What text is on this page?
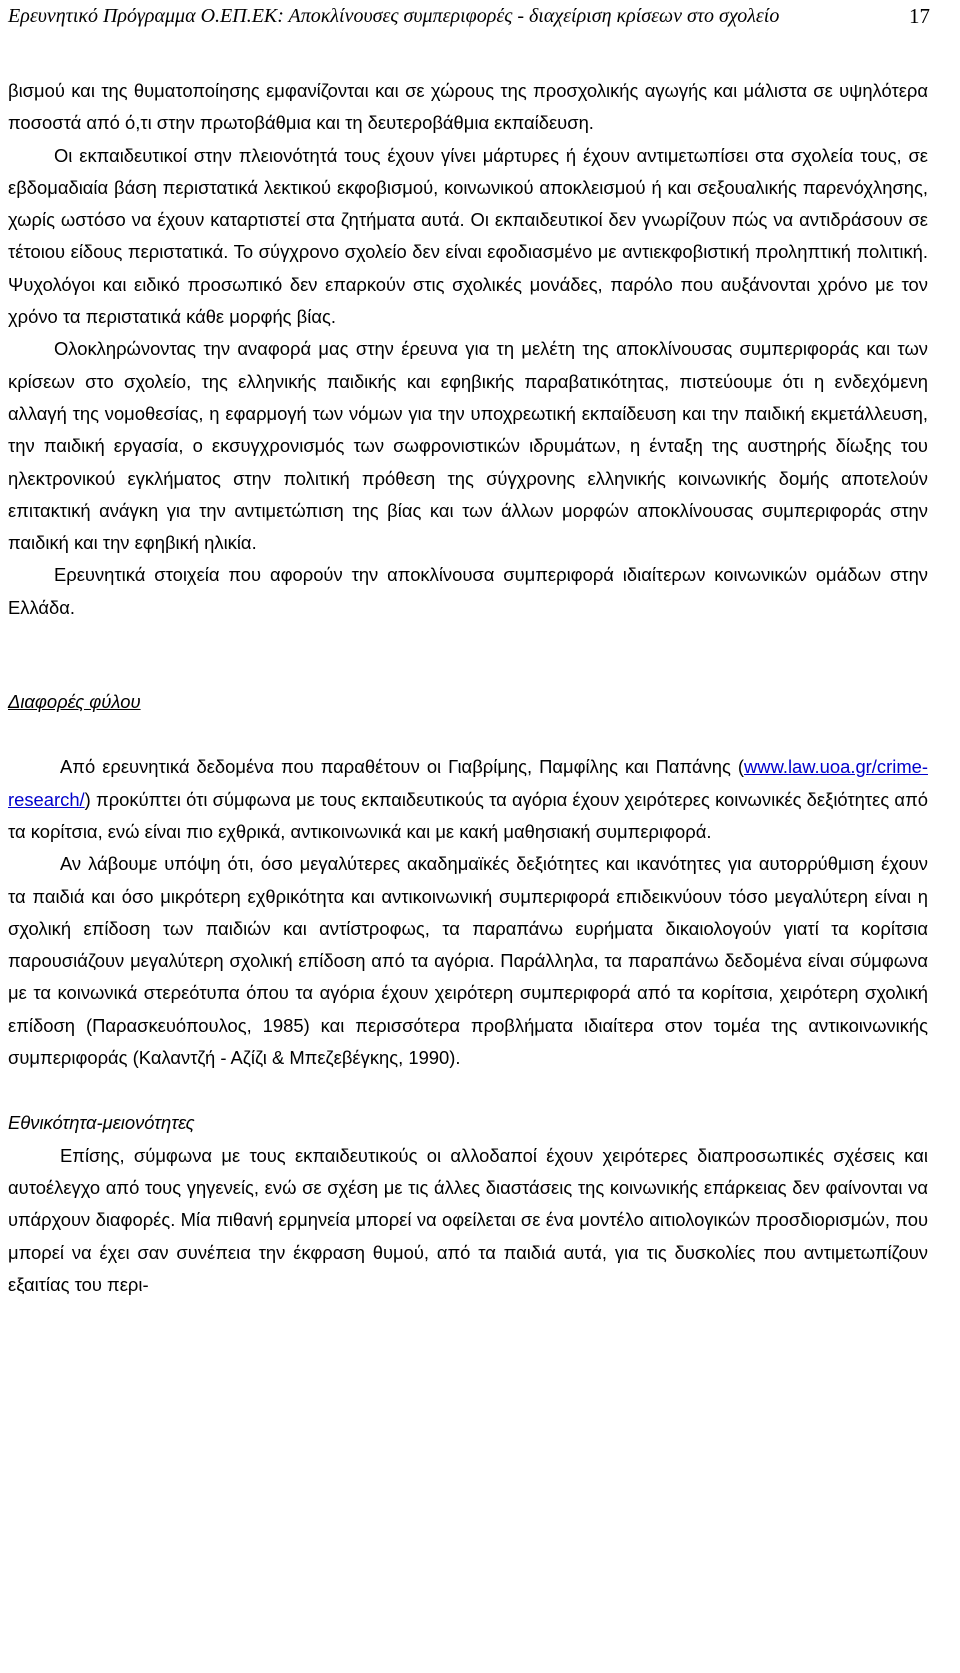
Ερευνητικό Πρόγραμμα Ο.ΕΠ.ΕΚ: Αποκλίνουσες συμπεριφορές - διαχείριση κρίσεων στο σχολείο	17

βισμού και της θυματοποίησης εμφανίζονται και σε χώρους της προσχολικής αγωγής και μάλιστα σε υψηλότερα ποσοστά από ό,τι στην πρωτοβάθμια και τη δευτεροβάθμια εκπαίδευση.

Οι εκπαιδευτικοί στην πλειονότητά τους έχουν γίνει μάρτυρες ή έχουν αντιμετωπίσει στα σχολεία τους, σε εβδομαδιαία βάση περιστατικά λεκτικού εκφοβισμού, κοινωνικού αποκλεισμού ή και σεξουαλικής παρενόχλησης, χωρίς ωστόσο να έχουν καταρτιστεί στα ζητήματα αυτά. Οι εκπαιδευτικοί δεν γνωρίζουν πώς να αντιδράσουν σε τέτοιου είδους περιστατικά. Το σύγχρονο σχολείο δεν είναι εφοδιασμένο με αντιεκφοβιστική προληπτική πολιτική. Ψυχολόγοι και ειδικό προσωπικό δεν επαρκούν στις σχολικές μονάδες, παρόλο που αυξάνονται χρόνο με τον χρόνο τα περιστατικά κάθε μορφής βίας.

Ολοκληρώνοντας την αναφορά μας στην έρευνα για τη μελέτη της αποκλίνουσας συμπεριφοράς και των κρίσεων στο σχολείο, της ελληνικής παιδικής και εφηβικής παραβατικότητας, πιστεύουμε ότι η ενδεχόμενη αλλαγή της νομοθεσίας, η εφαρμογή των νόμων για την υποχρεωτική εκπαίδευση και την παιδική εκμετάλλευση, την παιδική εργασία, ο εκσυγχρονισμός των σωφρονιστικών ιδρυμάτων, η ένταξη της αυστηρής δίωξης του ηλεκτρονικού εγκλήματος στην πολιτική πρόθεση της σύγχρονης ελληνικής κοινωνικής δομής αποτελούν επιτακτική ανάγκη για την αντιμετώπιση της βίας και των άλλων μορφών αποκλίνουσας συμπεριφοράς στην παιδική και την εφηβική ηλικία.

Ερευνητικά στοιχεία που αφορούν την αποκλίνουσα συμπεριφορά ιδιαίτερων κοινωνικών ομάδων στην Ελλάδα.

Διαφορές φύλου

Από ερευνητικά δεδομένα που παραθέτουν οι Γιαβρίμης, Παμφίλης και Παπάνης (www.law.uoa.gr/crime-research/) προκύπτει ότι σύμφωνα με τους εκπαιδευτικούς τα αγόρια έχουν χειρότερες κοινωνικές δεξιότητες από τα κορίτσια, ενώ είναι πιο εχθρικά, αντικοινωνικά και με κακή μαθησιακή συμπεριφορά.

Αν λάβουμε υπόψη ότι, όσο μεγαλύτερες ακαδημαϊκές δεξιότητες και ικανότητες για αυτορρύθμιση έχουν τα παιδιά και όσο μικρότερη εχθρικότητα και αντικοινωνική συμπεριφορά επιδεικνύουν τόσο μεγαλύτερη είναι η σχολική επίδοση των παιδιών και αντίστροφως, τα παραπάνω ευρήματα δικαιολογούν γιατί τα κορίτσια παρουσιάζουν μεγαλύτερη σχολική επίδοση από τα αγόρια. Παράλληλα, τα παραπάνω δεδομένα είναι σύμφωνα με τα κοινωνικά στερεότυπα όπου τα αγόρια έχουν χειρότερη συμπεριφορά από τα κορίτσια, χειρότερη σχολική επίδοση (Παρασκευόπουλος, 1985) και περισσότερα προβλήματα ιδιαίτερα στον τομέα της αντικοινωνικής συμπεριφοράς (Καλαντζή - Αζίζι & Μπεζεβέγκης, 1990).

Εθνικότητα-μειονότητες

Επίσης, σύμφωνα με τους εκπαιδευτικούς οι αλλοδαποί έχουν χειρότερες διαπροσωπικές σχέσεις και αυτοέλεγχο από τους γηγενείς, ενώ σε σχέση με τις άλλες διαστάσεις της κοινωνικής επάρκειας δεν φαίνονται να υπάρχουν διαφορές. Μία πιθανή ερμηνεία μπορεί να οφείλεται σε ένα μοντέλο αιτιολογικών προσδιορισμών, που μπορεί να έχει σαν συνέπεια την έκφραση θυμού, από τα παιδιά αυτά, για τις δυσκολίες που αντιμετωπίζουν εξαιτίας του περι-
